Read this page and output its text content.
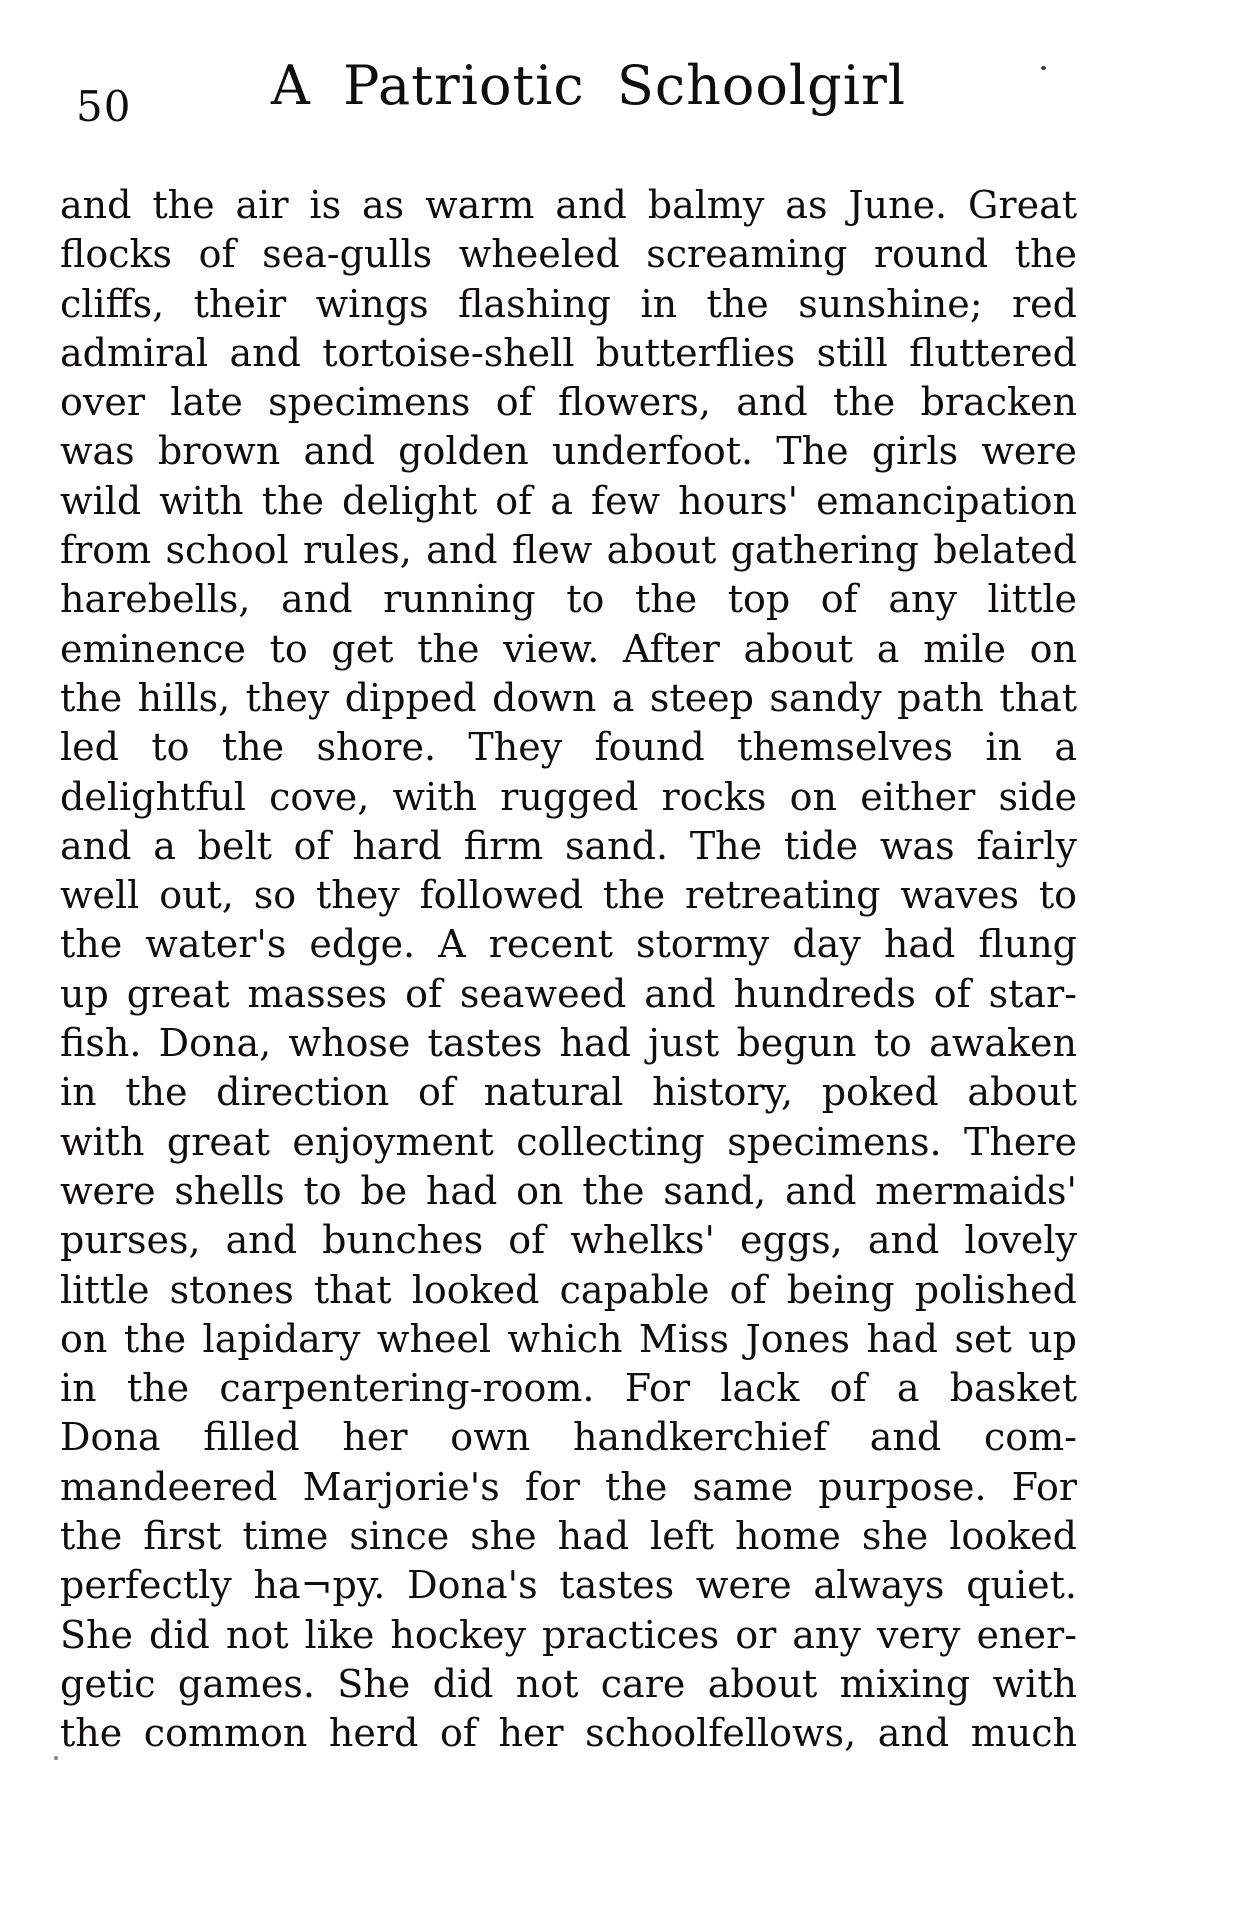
50	A Patriotic Schoolgirl
and the air is as warm and balmy as June. Great
flocks of sea-gulls wheeled screaming round the
cliffs, their wings flashing in the sunshine; red
admiral and tortoise-shell butterflies still fluttered
over late specimens of flowers, and the bracken
was brown and golden underfoot. The girls were
wild with the delight of a few hours' emancipation
from school rules, and flew about gathering belated
harebells, and running to the top of any little
eminence to get the view. After about a mile on
the hills, they dipped down a steep sandy path that
led to the shore. They found themselves in a
delightful cove, with rugged rocks on either side
and a belt of hard firm sand. The tide was fairly
well out, so they followed the retreating waves to
the water's edge. A recent stormy day had flung
up great masses of seaweed and hundreds of star-
fish. Dona, whose tastes had just begun to awaken
in the direction of natural history, poked about
with great enjoyment collecting specimens. There
were shells to be had on the sand, and mermaids'
purses, and bunches of whelks' eggs, and lovely
little stones that looked capable of being polished
on the lapidary wheel which Miss Jones had set up
in the carpentering-room. For lack of a basket
Dona filled her own handkerchief and com-
mandeered Marjorie's for the same purpose. For
the first time since she had left home she looked
perfectly ha¬py. Dona's tastes were always quiet.
She did not like hockey practices or any very ener-
getic games. She did not care about mixing with
the common herd of her schoolfellows, and much
